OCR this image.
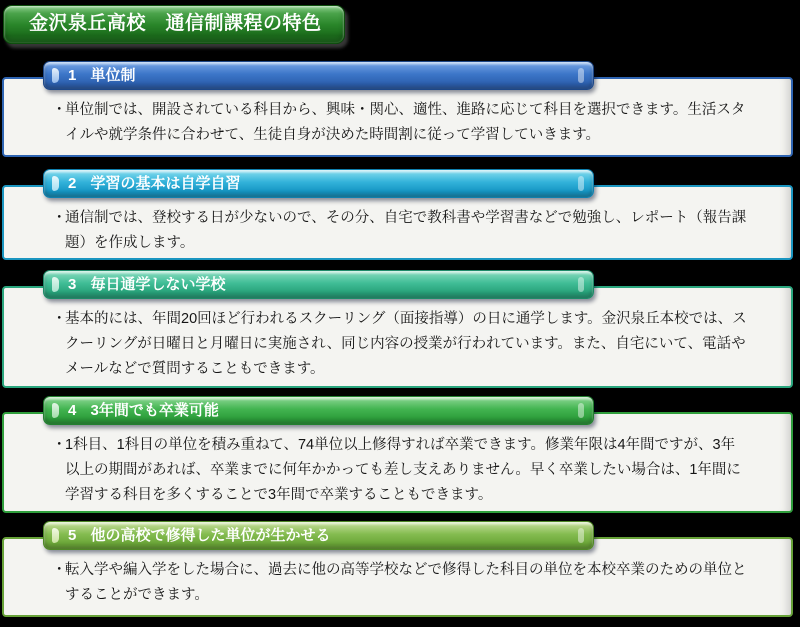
金沢泉丘高校　通信制課程の特色

・単位制では、開設されている科目から、興味・関心、適性、進路に応じて科目を選択できます。生活スタイルや就学条件に合わせて、生徒自身が決めた時間割に従って学習していきます。

1 単位制

・通信制では、登校する日が少ないので、その分、自宅で教科書や学習書などで勉強し、レポート（報告課題）を作成します。

2 学習の基本は自学自習

・基本的には、年間20回ほど行われるスクーリング（面接指導）の日に通学します。金沢泉丘本校では、スクーリングが日曜日と月曜日に実施され、同じ内容の授業が行われています。また、自宅にいて、電話やメールなどで質問することもできます。

3 毎日通学しない学校

・1科目、1科目の単位を積み重ねて、74単位以上修得すれば卒業できます。修業年限は4年間ですが、3年以上の期間があれば、卒業までに何年かかっても差し支えありません。早く卒業したい場合は、1年間に学習する科目を多くすることで3年間で卒業することもできます。

4 3年間でも卒業可能

・転入学や編入学をした場合に、過去に他の高等学校などで修得した科目の単位を本校卒業のための単位とすることができます。

5 他の高校で修得した単位が生かせる
